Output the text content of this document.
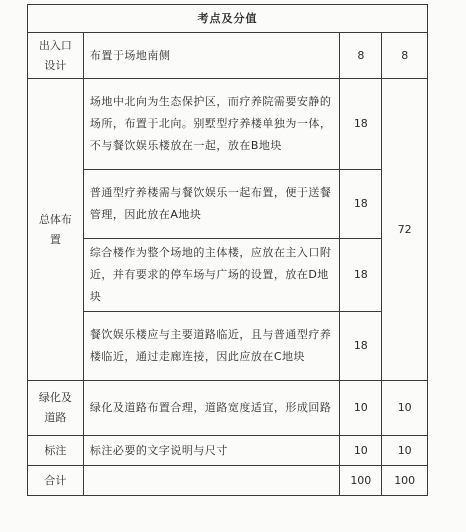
考点及分值			
出入口
设计	布置于场地南侧	8	8
总体布置	场地中北向为生态保护区，而疗养院需要安静的场所，布置于北向。别墅型疗养楼单独为一体，不与餐饮娱乐楼放在一起，放在B地块	18	72
	普通型疗养楼需与餐饮娱乐一起布置，便于送餐管理，因此放在A地块	18	
	综合楼作为整个场地的主体楼，应放在主入口附近，并有要求的停车场与广场的设置，放在D地块	18	
	餐饮娱乐楼应与主要道路临近，且与普通型疗养楼临近，通过走廊连接，因此应放在C地块	18	
绿化及
道路	绿化及道路布置合理，道路宽度适宜，形成回路	10	10
标注	标注必要的文字说明与尺寸	10	10
合计		100	100
